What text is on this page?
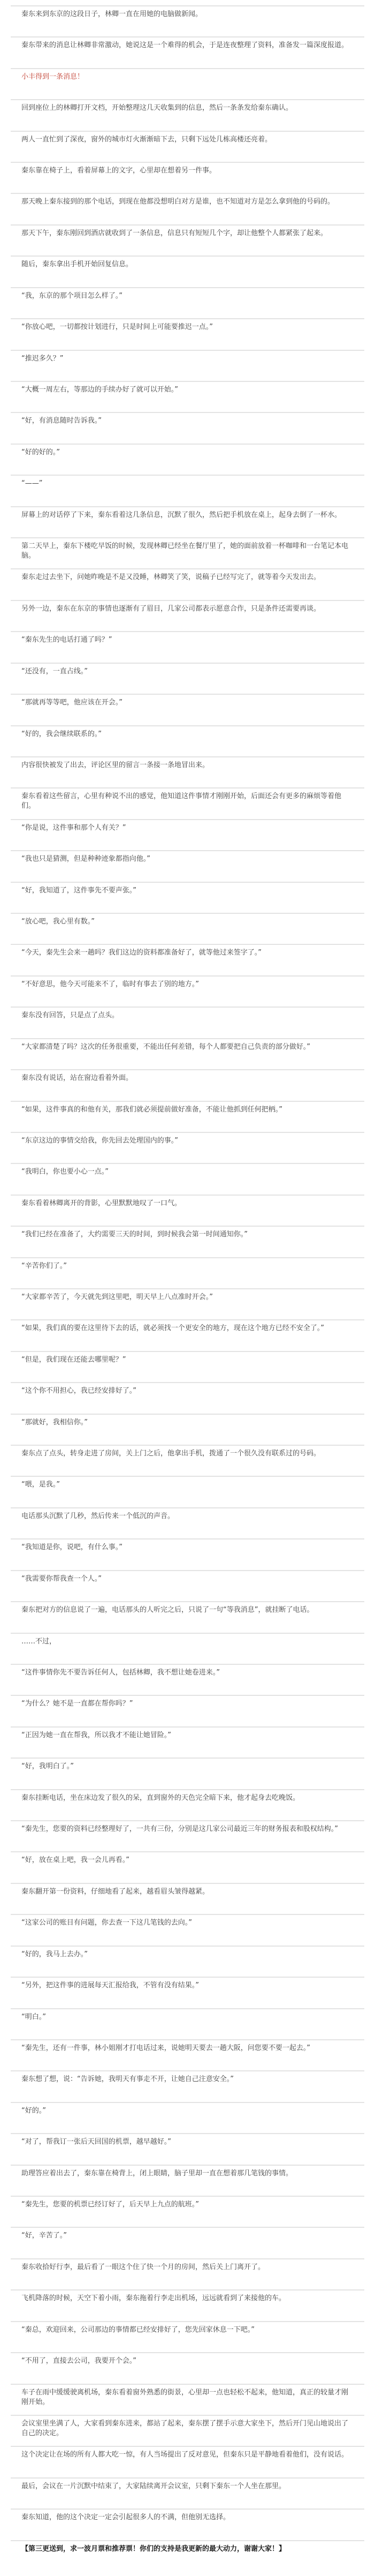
秦东来到东京的这段日子，林卿一直在用她的电脑做新闻。

秦东带来的消息让林卿非常激动，她说这是一个难得的机会，于是连夜整理了资料，准备发一篇深度报道。

小丰得到一条消息！

回到座位上的林卿打开文档，开始整理这几天收集到的信息，然后一条条发给秦东确认。

两人一直忙到了深夜，窗外的城市灯火渐渐暗下去，只剩下远处几栋高楼还亮着。

秦东靠在椅子上，看着屏幕上的文字，心里却在想着另一件事。

那天晚上秦东接到的那个电话，到现在他都没想明白对方是谁，也不知道对方是怎么拿到他的号码的。

那天下午，秦东刚回到酒店就收到了一条信息，信息只有短短几个字，却让他整个人都紧张了起来。

随后，秦东拿出手机开始回复信息。

“我，东京的那个项目怎么样了。”

“你放心吧，一切都按计划进行，只是时间上可能要推迟一点。”

“推迟多久？”

“大概一周左右，等那边的手续办好了就可以开始。”

“好，有消息随时告诉我。”

“好的好的。”

“——”

屏幕上的对话停了下来，秦东看着这几条信息，沉默了很久，然后把手机放在桌上，起身去倒了一杯水。

第二天早上，秦东下楼吃早饭的时候，发现林卿已经坐在餐厅里了，她的面前放着一杯咖啡和一台笔记本电脑。

秦东走过去坐下，问她昨晚是不是又没睡，林卿笑了笑，说稿子已经写完了，就等着今天发出去。

另外一边，秦东在东京的事情也逐渐有了眉目，几家公司都表示愿意合作，只是条件还需要再谈。

“秦东先生的电话打通了吗？”

“还没有，一直占线。”

“那就再等等吧，他应该在开会。”

“好的，我会继续联系的。”

内容很快被发了出去，评论区里的留言一条接一条地冒出来。

秦东看着这些留言，心里有种说不出的感觉，他知道这件事情才刚刚开始，后面还会有更多的麻烦等着他们。

“你是说，这件事和那个人有关？”

“我也只是猜测，但是种种迹象都指向他。”

“好，我知道了，这件事先不要声张。”

“放心吧，我心里有数。”

“今天，秦先生会来一趟吗？我们这边的资料都准备好了，就等他过来签字了。”

“不好意思，他今天可能来不了，临时有事去了别的地方。”

秦东没有回答，只是点了点头。

“大家都清楚了吗？这次的任务很重要，不能出任何差错，每个人都要把自己负责的部分做好。”

秦东没有说话，站在窗边看着外面。

“如果，这件事真的和他有关，那我们就必须提前做好准备，不能让他抓到任何把柄。”

“东京这边的事情交给我，你先回去处理国内的事。”

“我明白，你也要小心一点。”

秦东看着林卿离开的背影，心里默默地叹了一口气。

“我们已经在准备了，大约需要三天的时间，到时候我会第一时间通知你。”

“辛苦你们了。”

“大家都辛苦了，今天就先到这里吧，明天早上八点准时开会。”

“如果，我们真的要在这里待下去的话，就必须找一个更安全的地方，现在这个地方已经不安全了。”

“但是，我们现在还能去哪里呢？”

“这个你不用担心，我已经安排好了。”

“那就好，我相信你。”

秦东点了点头，转身走进了房间，关上门之后，他拿出手机，拨通了一个很久没有联系过的号码。

“喂，是我。”

电话那头沉默了几秒，然后传来一个低沉的声音。

“我知道是你，说吧，有什么事。”

“我需要你帮我查一个人。”

秦东把对方的信息说了一遍，电话那头的人听完之后，只说了一句“等我消息”，就挂断了电话。

……不过，

“这件事情你先不要告诉任何人，包括林卿，我不想让她卷进来。”

“为什么？她不是一直都在帮你吗？”

“正因为她一直在帮我，所以我才不能让她冒险。”

“好，我明白了。”

秦东挂断电话，坐在床边发了很久的呆，直到窗外的天色完全暗下来，他才起身去吃晚饭。

“秦先生，您要的资料已经整理好了，一共有三份，分别是这几家公司最近三年的财务报表和股权结构。”

“好，放在桌上吧，我一会儿再看。”

秦东翻开第一份资料，仔细地看了起来，越看眉头皱得越紧。

“这家公司的账目有问题，你去查一下这几笔钱的去向。”

“好的，我马上去办。”

“另外，把这件事的进展每天汇报给我，不管有没有结果。”

“明白。”

“秦先生，还有一件事，林小姐刚才打电话过来，说她明天要去一趟大阪，问您要不要一起去。”

秦东想了想，说：“告诉她，我明天有事走不开，让她自己注意安全。”

“好的。”

“对了，帮我订一张后天回国的机票，越早越好。”

助理答应着出去了，秦东靠在椅背上，闭上眼睛，脑子里却一直在想着那几笔钱的事情。

“秦先生，您要的机票已经订好了，后天早上九点的航班。”

“好，辛苦了。”

秦东收拾好行李，最后看了一眼这个住了快一个月的房间，然后关上门离开了。

飞机降落的时候，天空下着小雨，秦东拖着行李走出机场，远远就看到了来接他的车。

“秦总，欢迎回来，公司那边的事情都已经安排好了，您先回家休息一下吧。”

“不用了，直接去公司，我要开个会。”

车子在雨中缓缓驶离机场，秦东看着窗外熟悉的街景，心里却一点也轻松不起来，他知道，真正的较量才刚刚开始。

会议室里坐满了人，大家看到秦东进来，都站了起来，秦东摆了摆手示意大家坐下，然后开门见山地说出了自己的决定。

这个决定让在场的所有人都大吃一惊，有人当场提出了反对意见，但秦东只是平静地看着他们，没有说话。

最后，会议在一片沉默中结束了，大家陆续离开会议室，只剩下秦东一个人坐在那里。

秦东知道，他的这个决定一定会引起很多人的不满，但他别无选择。

【第三更送到，求一波月票和推荐票！你们的支持是我更新的最大动力，谢谢大家！】
